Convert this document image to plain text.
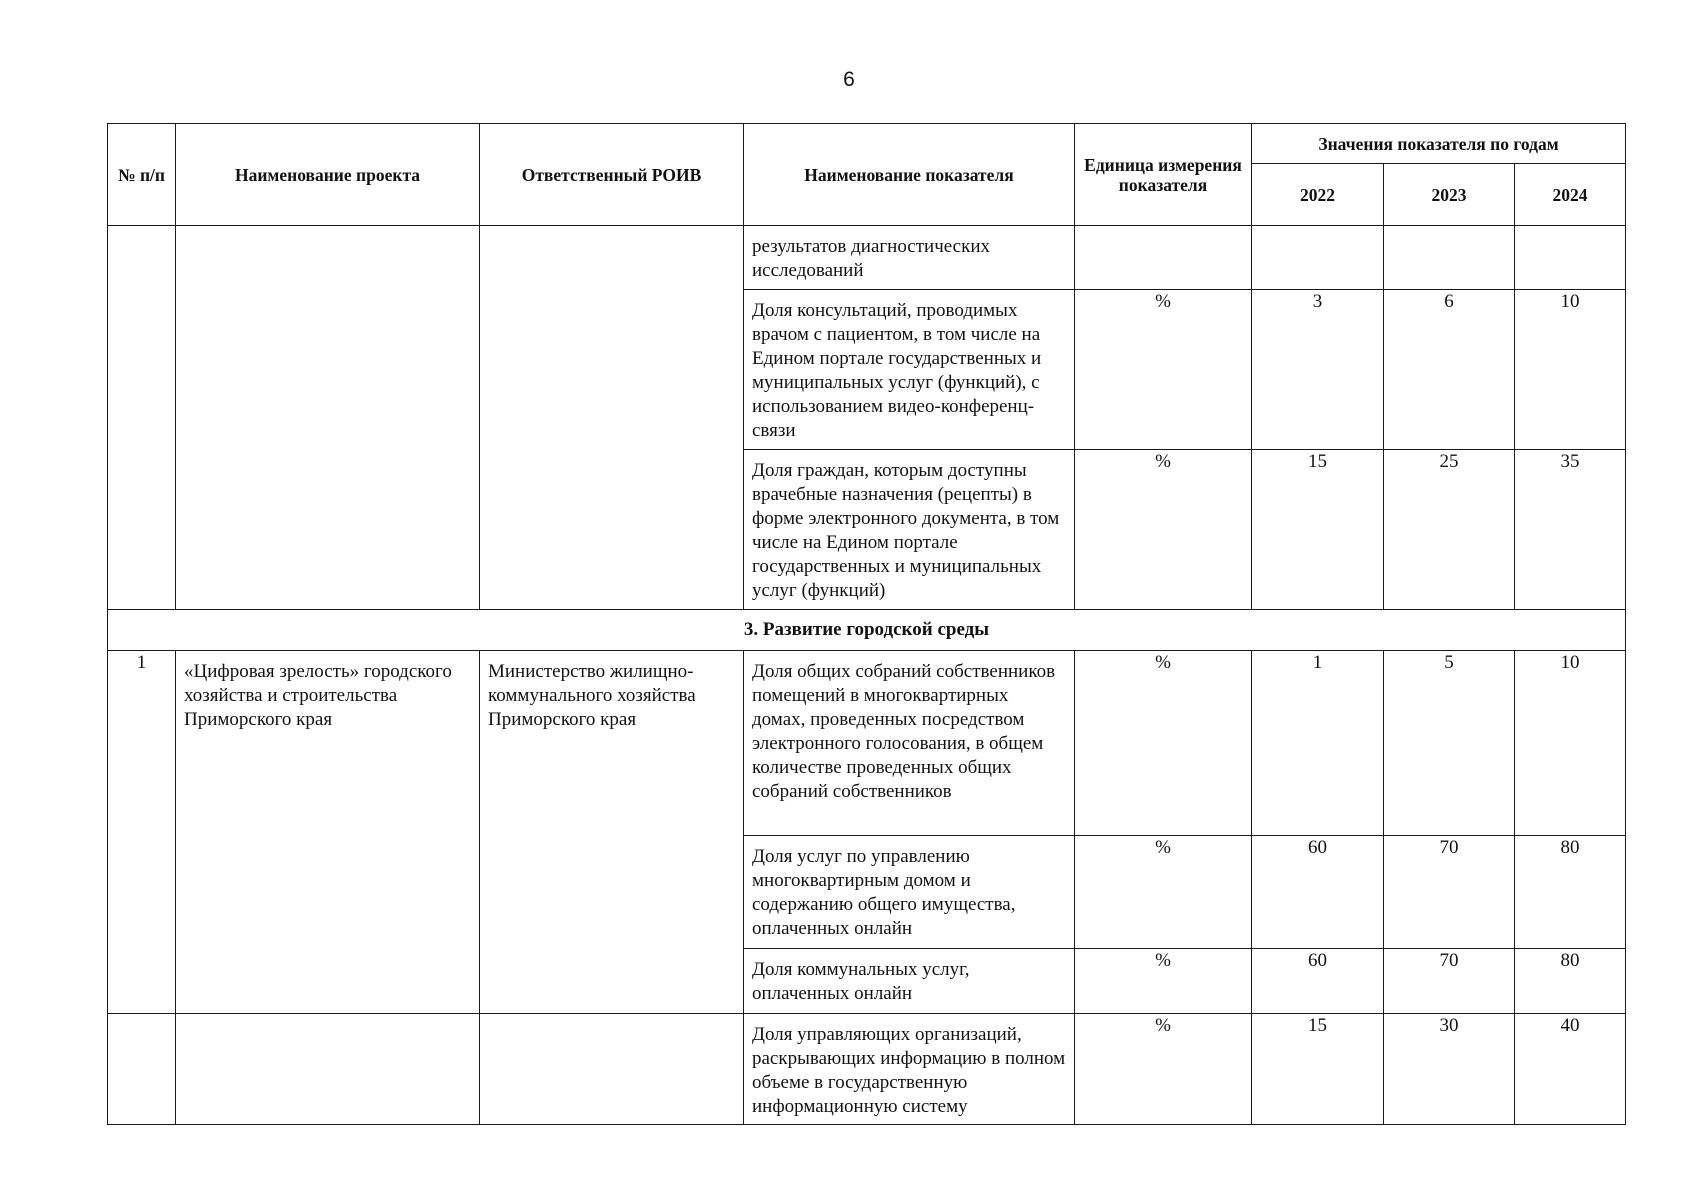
6
№ п/п	Наименование проекта	Ответственный РОИВ	Наименование показателя	Единица измерения показателя	Значения показателя по годам		
					2022	2023	2024

			результатов диагностических исследований				

			Доля консультаций, проводимых врачом с пациентом, в том числе на Едином портале государственных и муниципальных услуг (функций), с использованием видео-конференц-связи	%	3	6	10

			Доля граждан, которым доступны врачебные назначения (рецепты) в форме электронного документа, в том числе на Едином портале государственных и муниципальных услуг (функций)	%	15	25	35
3. Развитие городской среды							
1	«Цифровая зрелость» городского хозяйства и строительства Приморского края	Министерство жилищно-коммунального хозяйства Приморского края	Доля общих собраний собственников помещений в многоквартирных домах, проведенных посредством электронного голосования, в общем количестве проведенных общих собраний собственников	%	1	5	10

			Доля услуг по управлению многоквартирным домом и содержанию общего имущества, оплаченных онлайн	%	60	70	80

			Доля коммунальных услуг, оплаченных онлайн	%	60	70	80

			Доля управляющих организаций, раскрывающих информацию в полном объеме в государственную информационную систему	%	15	30	40
